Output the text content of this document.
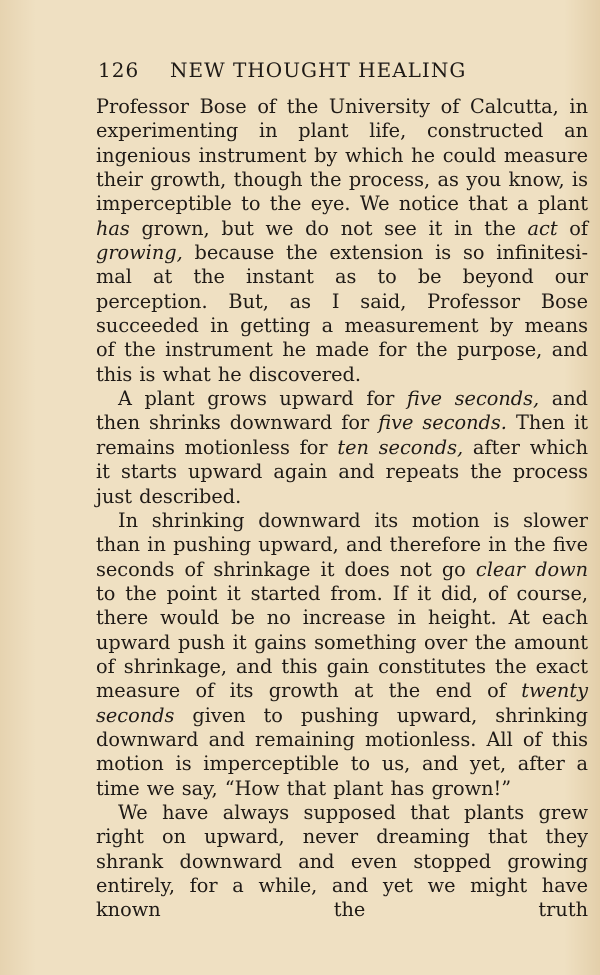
126 NEW THOUGHT HEALING

Professor Bose of the University of Calcutta, in experimenting in plant life, constructed an ingenious instrument by which he could measure their growth, though the process, as you know, is imperceptible to the eye. We notice that a plant has grown, but we do not see it in the act of growing, because the extension is so infinitesimal at the instant as to be beyond our perception. But, as I said, Professor Bose succeeded in getting a measurement by means of the instrument he made for the purpose, and this is what he discovered.

A plant grows upward for five seconds, and then shrinks downward for five seconds. Then it remains motionless for ten seconds, after which it starts upward again and repeats the process just described.

In shrinking downward its motion is slower than in pushing upward, and therefore in the five seconds of shrinkage it does not go clear down to the point it started from. If it did, of course, there would be no increase in height. At each upward push it gains something over the amount of shrinkage, and this gain constitutes the exact measure of its growth at the end of twenty seconds given to pushing upward, shrinking downward and remaining motionless. All of this motion is imperceptible to us, and yet, after a time we say, “How that plant has grown!”

We have always supposed that plants grew right on upward, never dreaming that they shrank downward and even stopped growing entirely, for a while, and yet we might have known the truth
